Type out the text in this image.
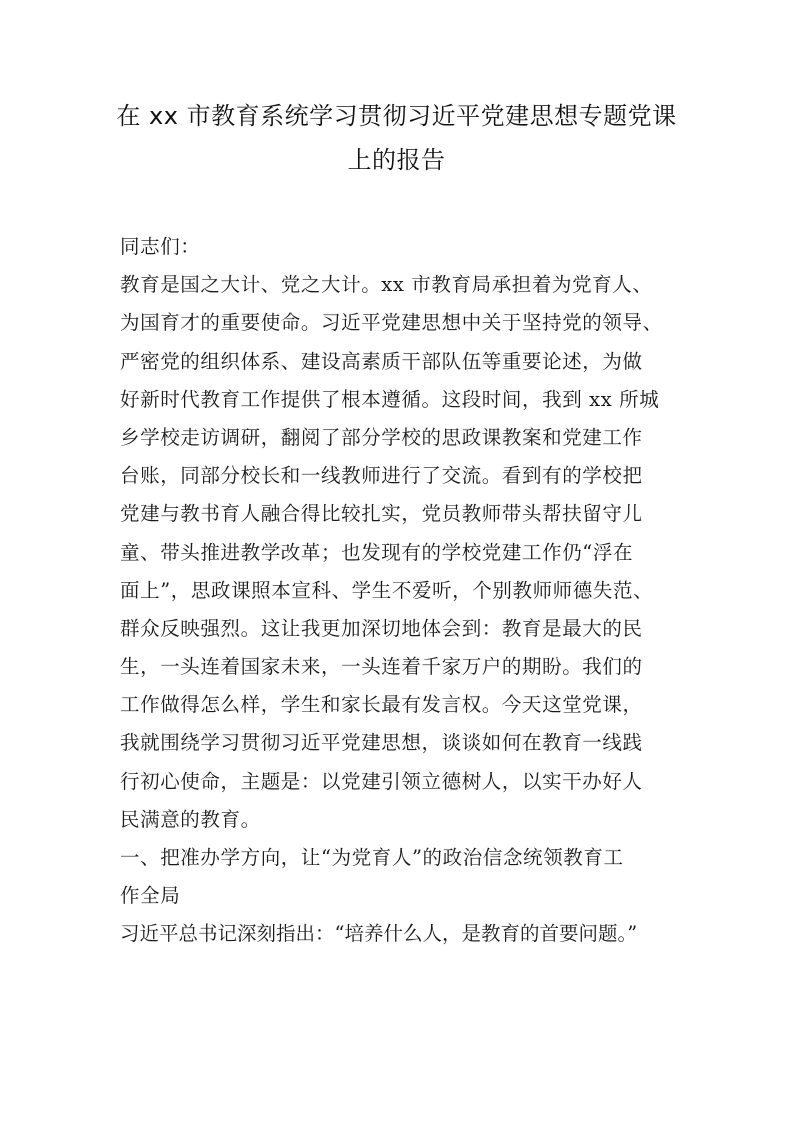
在 xx 市教育系统学习贯彻习近平党建思想专题党课
上的报告
同志们：
教育是国之大计、党之大计。xx 市教育局承担着为党育人、
为国育才的重要使命。习近平党建思想中关于坚持党的领导、
严密党的组织体系、建设高素质干部队伍等重要论述，为做
好新时代教育工作提供了根本遵循。这段时间，我到 xx 所城
乡学校走访调研，翻阅了部分学校的思政课教案和党建工作
台账，同部分校长和一线教师进行了交流。看到有的学校把
党建与教书育人融合得比较扎实，党员教师带头帮扶留守儿
童、带头推进教学改革；也发现有的学校党建工作仍“浮在
面上”，思政课照本宣科、学生不爱听，个别教师师德失范、
群众反映强烈。这让我更加深切地体会到：教育是最大的民
生，一头连着国家未来，一头连着千家万户的期盼。我们的
工作做得怎么样，学生和家长最有发言权。今天这堂党课，
我就围绕学习贯彻习近平党建思想，谈谈如何在教育一线践
行初心使命，主题是：以党建引领立德树人，以实干办好人
民满意的教育。
一、把准办学方向，让“为党育人”的政治信念统领教育工
作全局
习近平总书记深刻指出：“培养什么人，是教育的首要问题。”
